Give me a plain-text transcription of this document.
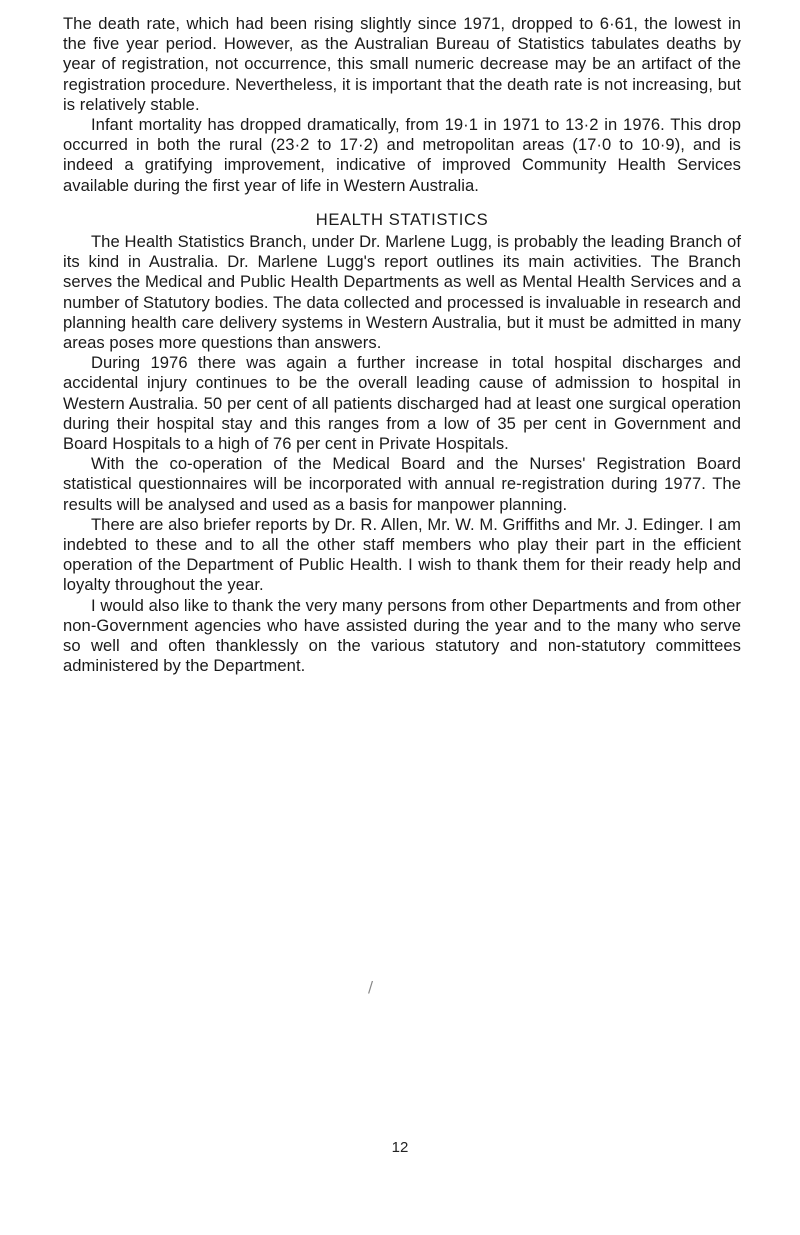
The death rate, which had been rising slightly since 1971, dropped to 6·61, the lowest in the five year period. However, as the Australian Bureau of Statistics tabulates deaths by year of registration, not occurrence, this small numeric decrease may be an artifact of the registration procedure. Nevertheless, it is important that the death rate is not increasing, but is relatively stable.

Infant mortality has dropped dramatically, from 19·1 in 1971 to 13·2 in 1976. This drop occurred in both the rural (23·2 to 17·2) and metropolitan areas (17·0 to 10·9), and is indeed a gratifying improvement, indicative of improved Community Health Services available during the first year of life in Western Australia.

HEALTH STATISTICS

The Health Statistics Branch, under Dr. Marlene Lugg, is probably the leading Branch of its kind in Australia. Dr. Marlene Lugg's report outlines its main activities. The Branch serves the Medical and Public Health Departments as well as Mental Health Services and a number of Statutory bodies. The data collected and processed is invaluable in research and planning health care delivery systems in Western Australia, but it must be admitted in many areas poses more questions than answers.

During 1976 there was again a further increase in total hospital discharges and accidental injury continues to be the overall leading cause of admission to hospital in Western Australia. 50 per cent of all patients discharged had at least one surgical operation during their hospital stay and this ranges from a low of 35 per cent in Government and Board Hospitals to a high of 76 per cent in Private Hospitals.

With the co-operation of the Medical Board and the Nurses' Registration Board statistical questionnaires will be incorporated with annual re-registration during 1977. The results will be analysed and used as a basis for manpower planning.

There are also briefer reports by Dr. R. Allen, Mr. W. M. Griffiths and Mr. J. Edinger. I am indebted to these and to all the other staff members who play their part in the efficient operation of the Department of Public Health. I wish to thank them for their ready help and loyalty throughout the year.

I would also like to thank the very many persons from other Departments and from other non-Government agencies who have assisted during the year and to the many who serve so well and often thanklessly on the various statutory and non-statutory committees administered by the Department.

/
12
